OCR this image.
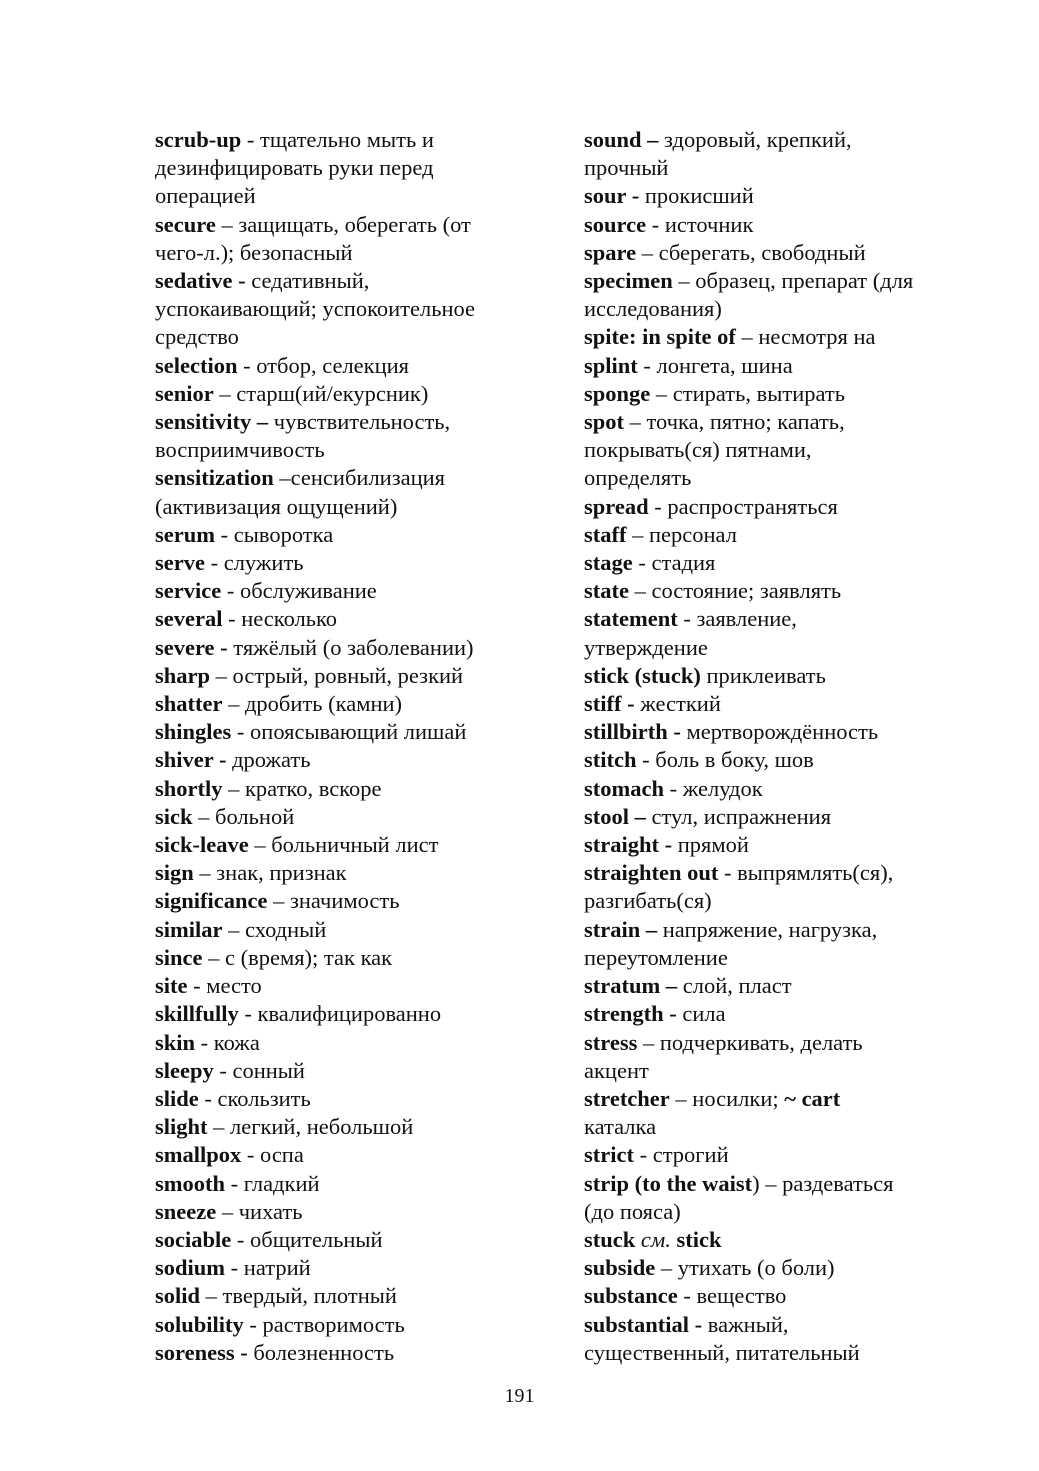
scrub-up - тщательно мыть и
дезинфицировать руки перед
операцией
secure – защищать, оберегать (от
чего-л.); безопасный
sedative - седативный,
успокаивающий; успокоительное
средство
selection - отбор, селекция
senior – старш(ий/екурсник)
sensitivity – чувствительность,
восприимчивость
sensitization –сенсибилизация
(активизация ощущений)
serum - сыворотка
serve - служить
service - обслуживание
several - несколько
severe - тяжёлый (о заболевании)
sharp – острый, ровный, резкий
shatter – дробить (камни)
shingles - опоясывающий лишай
shiver - дрожать
shortly – кратко, вскоре
sick – больной
sick-leave – больничный лист
sign – знак, признак
significance – значимость
similar – сходный
since – с (время); так как
site - место
skillfully - квалифицированно
skin - кожа
sleepy - сонный
slide - скользить
slight – легкий, небольшой
smallpox - оспа
smooth - гладкий
sneeze – чихать
sociable - общительный
sodium - натрий
solid – твердый, плотный
solubility - растворимость
soreness - болезненность
sound – здоровый, крепкий,
прочный
sour - прокисший
source - источник
spare – сберегать, свободный
specimen – образец, препарат (для
исследования)
spite: in spite of – несмотря на
splint - лонгета, шина
sponge – стирать, вытирать
spot – точка, пятно; капать,
покрывать(ся) пятнами,
определять
spread - распространяться
staff – персонал
stage - стадия
state – состояние; заявлять
statement - заявление,
утверждение
stick (stuck) приклеивать
stiff - жесткий
stillbirth - мертворождённость
stitch - боль в боку, шов
stomach - желудок
stool – стул, испражнения
straight - прямой
straighten out - выпрямлять(ся),
разгибать(ся)
strain – напряжение, нагрузка,
переутомление
stratum – слой, пласт
strength - сила
stress – подчеркивать, делать
акцент
stretcher – носилки; ~ cart
каталка
strict - строгий
strip (to the waist) – раздеваться
(до пояса)
stuck см. stick
subside – утихать (о боли)
substance - вещество
substantial - важный,
существенный, питательный
191
